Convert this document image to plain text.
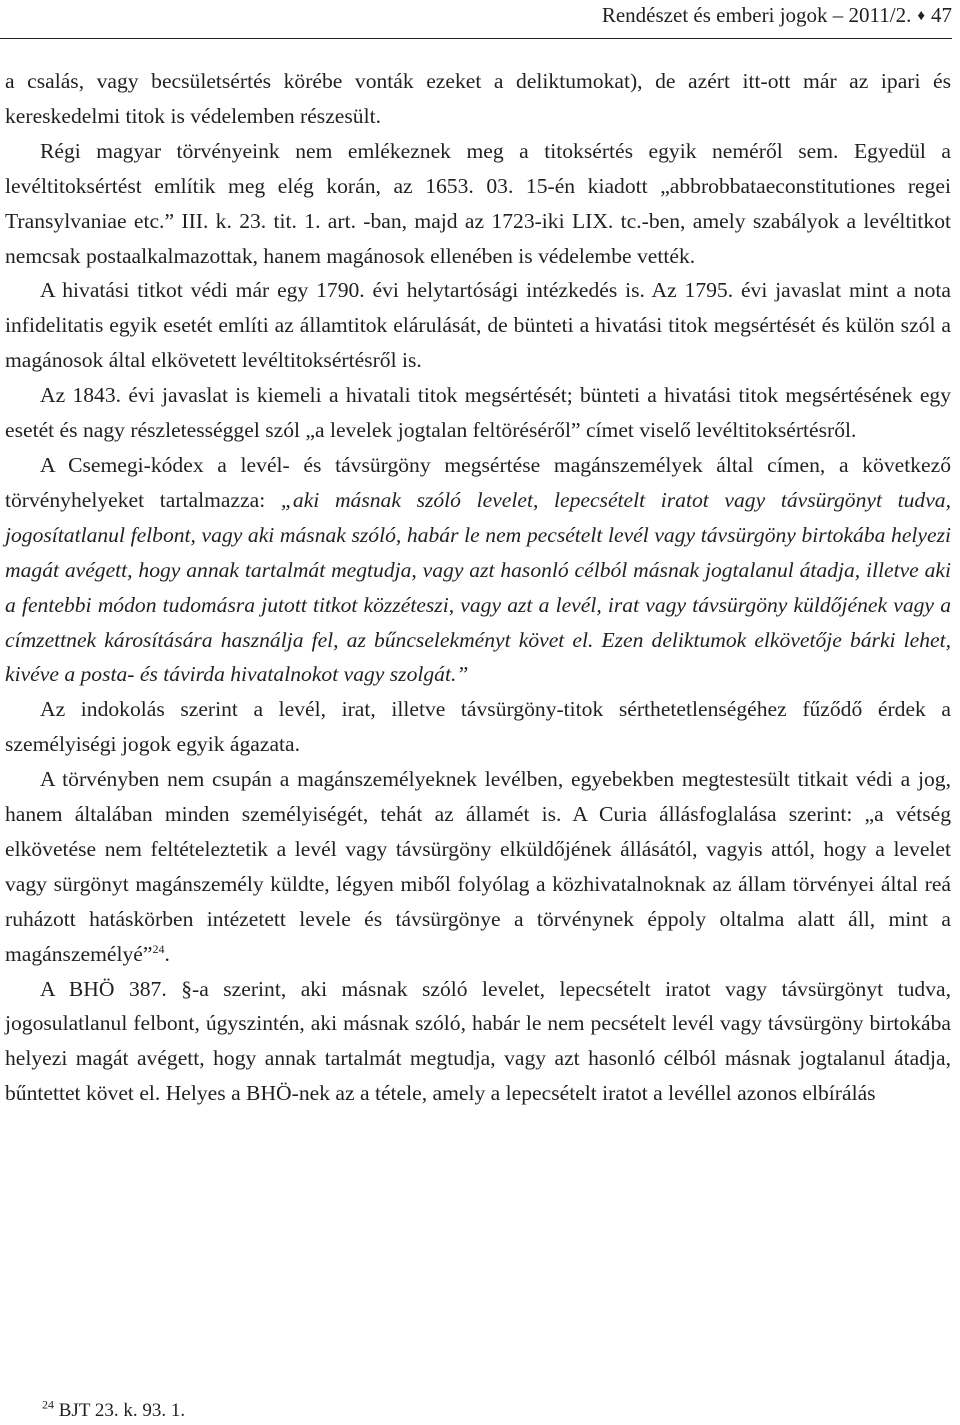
Rendészet és emberi jogok – 2011/2. ♦ 47

a csalás, vagy becsületsértés körébe vonták ezeket a deliktumokat), de azért itt-ott már az ipari és kereskedelmi titok is védelemben részesült.

Régi magyar törvényeink nem emlékeznek meg a titoksértés egyik neméről sem. Egyedül a levéltitoksértést említik meg elég korán, az 1653. 03. 15-én kiadott „abbrobbataeconstitutiones regei Transylvaniae etc.” III. k. 23. tit. 1. art. -ban, majd az 1723-iki LIX. tc.-ben, amely szabályok a levéltitkot nemcsak postaalkalmazottak, hanem magánosok ellenében is védelembe vették.

A hivatási titkot védi már egy 1790. évi helytartósági intézkedés is. Az 1795. évi javaslat mint a nota infidelitatis egyik esetét említi az államtitok elárulását, de bünteti a hivatási titok megsértését és külön szól a magánosok által elkövetett levéltitoksértésről is.

Az 1843. évi javaslat is kiemeli a hivatali titok megsértését; bünteti a hivatási titok megsértésének egy esetét és nagy részletességgel szól „a levelek jogtalan feltöréséről” címet viselő levéltitoksértésről.

A Csemegi-kódex a levél- és távsürgöny megsértése magánszemélyek által címen, a következő törvényhelyeket tartalmazza: „aki másnak szóló levelet, lepecsételt iratot vagy távsürgönyt tudva, jogosítatlanul felbont, vagy aki másnak szóló, habár le nem pecsételt levél vagy távsürgöny birtokába helyezi magát avégett, hogy annak tartalmát megtudja, vagy azt hasonló célból másnak jogtalanul átadja, illetve aki a fentebbi módon tudomásra jutott titkot közzéteszi, vagy azt a levél, irat vagy távsürgöny küldőjének vagy a címzettnek károsítására használja fel, az bűncselekményt követ el. Ezen deliktumok elkövetője bárki lehet, kivéve a posta- és távirda hivatalnokot vagy szolgát.”

Az indokolás szerint a levél, irat, illetve távsürgöny-titok sérthetetlenségéhez fűződő érdek a személyiségi jogok egyik ágazata.

A törvényben nem csupán a magánszemélyeknek levélben, egyebekben megtestesült titkait védi a jog, hanem általában minden személyiségét, tehát az államét is. A Curia állásfoglalása szerint: „a vétség elkövetése nem feltételeztetik a levél vagy távsürgöny elküldőjének állásától, vagyis attól, hogy a levelet vagy sürgönyt magánszemély küldte, légyen miből folyólag a közhivatalnoknak az állam törvényei által reá ruházott hatáskörben intézetett levele és távsürgönye a törvénynek éppoly oltalma alatt áll, mint a magánszemélyé”$^{24}$.

A BHÖ 387. §-a szerint, aki másnak szóló levelet, lepecsételt iratot vagy távsürgönyt tudva, jogosulatlanul felbont, úgyszintén, aki másnak szóló, habár le nem pecsételt levél vagy távsürgöny birtokába helyezi magát avégett, hogy annak tartalmát megtudja, vagy azt hasonló célból másnak jogtalanul átadja, bűntettet követ el. Helyes a BHÖ-nek az a tétele, amely a lepecsételt iratot a levéllel azonos elbírálás

$^{24}$ BJT 23. k. 93. 1.
